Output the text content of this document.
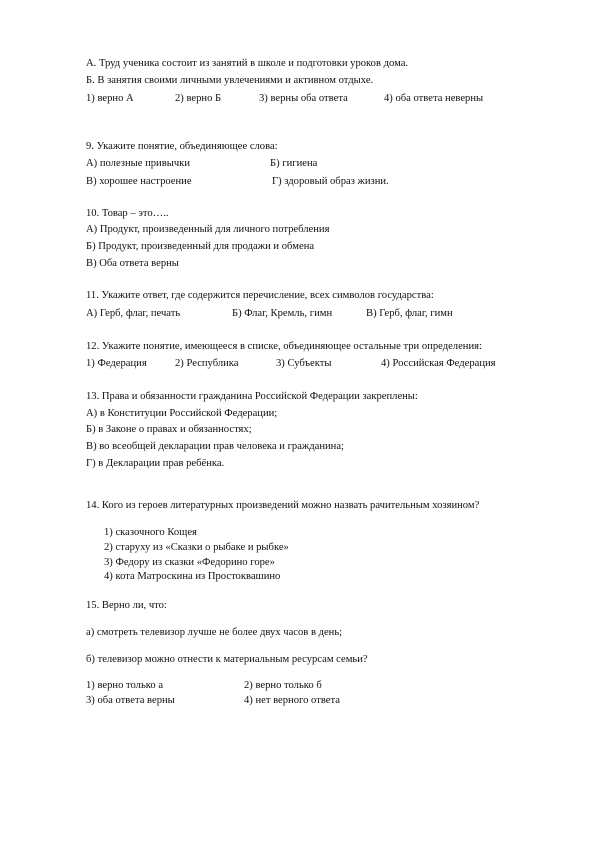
А. Труд ученика состоит из занятий в школе и подготовки уроков дома.
Б. В занятия своими личными увлечениями и активном отдыхе.
1) верно А	2) верно Б	3) верны оба ответа	4) оба ответа неверны
9. Укажите понятие, объединяющее слова:
А) полезные привычки	Б) гигиена
В) хорошее настроение	Г) здоровый образ жизни.
10. Товар – это…..
А) Продукт, произведенный для личного потребления
Б) Продукт, произведенный для продажи и обмена
В) Оба ответа верны
11. Укажите ответ, где содержится перечисление, всех символов государства:
А) Герб, флаг, печать	Б) Флаг, Кремль, гимн	В) Герб, флаг, гимн
12. Укажите понятие, имеющееся в списке, объединяющее остальные три определения:
1) Федерация	2) Республика	3) Субъекты	4) Российская Федерация
13. Права и обязанности гражданина Российской Федерации закреплены:
А) в Конституции Российской Федерации;
Б) в Законе о правах и обязанностях;
В) во всеобщей декларации прав человека и гражданина;
Г) в Декларации прав ребёнка.
14. Кого из героев литературных произведений можно назвать рачительным хозяином?
1) сказочного Кощея
2) старуху из «Сказки о рыбаке и рыбке»
3) Федору из сказки «Федорино горе»
4) кота Матроскина из Простоквашино
15. Верно ли, что:
а) смотреть телевизор лучше не более двух часов в день;
б) телевизор можно отнести к материальным ресурсам семьи?
1) верно только а	2) верно только б
3) оба ответа верны	4) нет верного ответа
